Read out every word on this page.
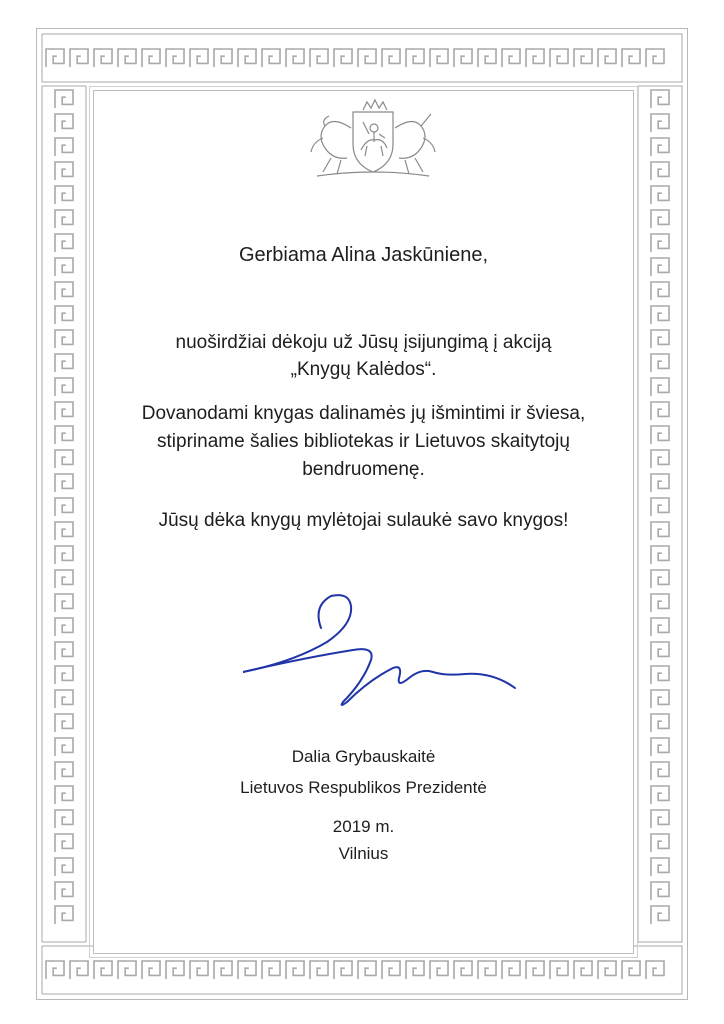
Gerbiama Alina Jaskūniene,
nuoširdžiai dėkoju už Jūsų įsijungimą į akciją
„Knygų Kalėdos“.
Dovanodami knygas dalinamės jų išmintimi ir šviesa,
stipriname šalies bibliotekas ir Lietuvos skaitytojų
bendruomenę.
Jūsų dėka knygų mylėtojai sulaukė savo knygos!
Dalia Grybauskaitė
Lietuvos Respublikos Prezidentė
2019 m.
Vilnius
